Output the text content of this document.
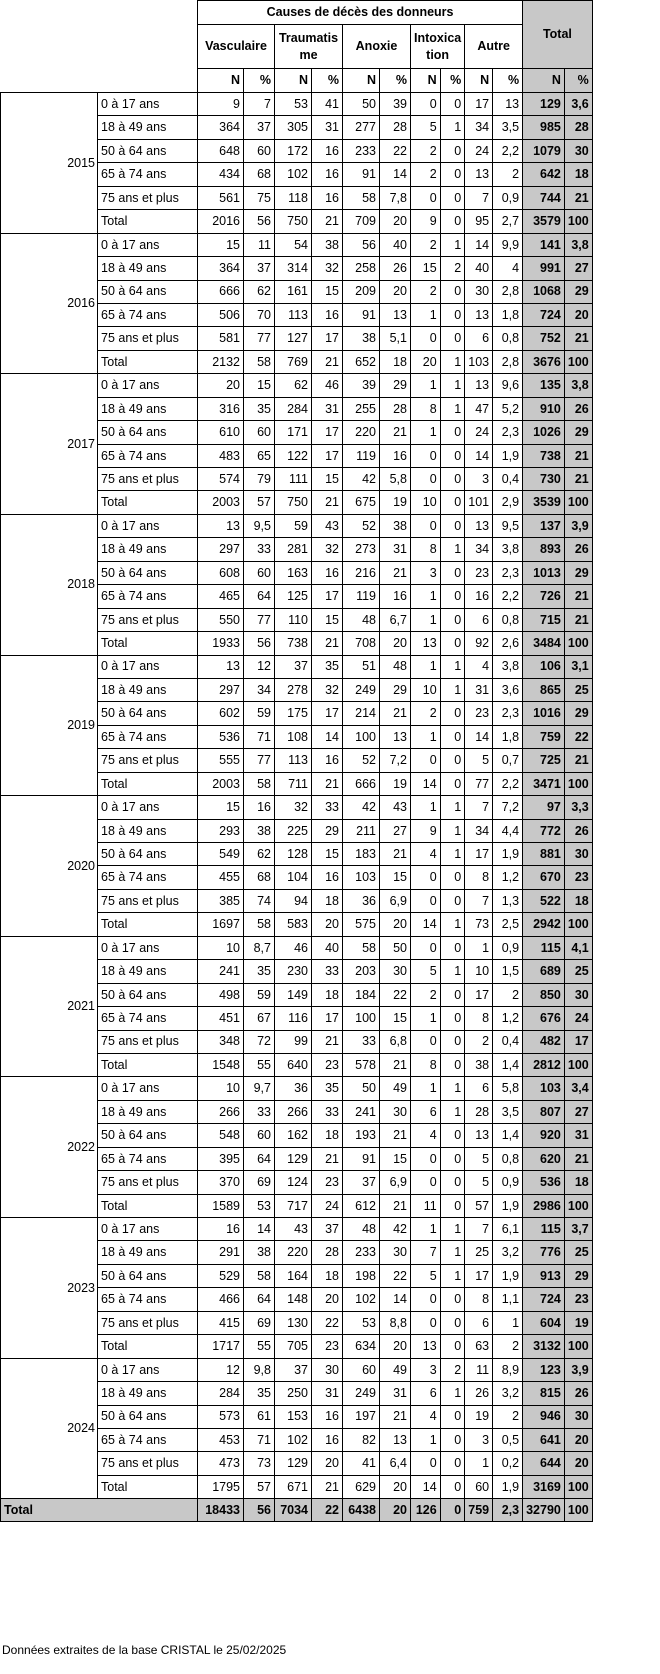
		Causes de décès des donneurs										Total	
		Vasculaire		Traumatis me		Anoxie		Intoxica tion		Autre			
		N	%	N	%	N	%	N	%	N	%	N	%
2015	0 à 17 ans	9	7	53	41	50	39	0	0	17	13	129	3,6
	18 à 49 ans	364	37	305	31	277	28	5	1	34	3,5	985	28
	50 à 64 ans	648	60	172	16	233	22	2	0	24	2,2	1079	30
	65 à 74 ans	434	68	102	16	91	14	2	0	13	2	642	18
	75 ans et plus	561	75	118	16	58	7,8	0	0	7	0,9	744	21
	Total	2016	56	750	21	709	20	9	0	95	2,7	3579	100
2016	0 à 17 ans	15	11	54	38	56	40	2	1	14	9,9	141	3,8
	18 à 49 ans	364	37	314	32	258	26	15	2	40	4	991	27
	50 à 64 ans	666	62	161	15	209	20	2	0	30	2,8	1068	29
	65 à 74 ans	506	70	113	16	91	13	1	0	13	1,8	724	20
	75 ans et plus	581	77	127	17	38	5,1	0	0	6	0,8	752	21
	Total	2132	58	769	21	652	18	20	1	103	2,8	3676	100
2017	0 à 17 ans	20	15	62	46	39	29	1	1	13	9,6	135	3,8
	18 à 49 ans	316	35	284	31	255	28	8	1	47	5,2	910	26
	50 à 64 ans	610	60	171	17	220	21	1	0	24	2,3	1026	29
	65 à 74 ans	483	65	122	17	119	16	0	0	14	1,9	738	21
	75 ans et plus	574	79	111	15	42	5,8	0	0	3	0,4	730	21
	Total	2003	57	750	21	675	19	10	0	101	2,9	3539	100
2018	0 à 17 ans	13	9,5	59	43	52	38	0	0	13	9,5	137	3,9
	18 à 49 ans	297	33	281	32	273	31	8	1	34	3,8	893	26
	50 à 64 ans	608	60	163	16	216	21	3	0	23	2,3	1013	29
	65 à 74 ans	465	64	125	17	119	16	1	0	16	2,2	726	21
	75 ans et plus	550	77	110	15	48	6,7	1	0	6	0,8	715	21
	Total	1933	56	738	21	708	20	13	0	92	2,6	3484	100
2019	0 à 17 ans	13	12	37	35	51	48	1	1	4	3,8	106	3,1
	18 à 49 ans	297	34	278	32	249	29	10	1	31	3,6	865	25
	50 à 64 ans	602	59	175	17	214	21	2	0	23	2,3	1016	29
	65 à 74 ans	536	71	108	14	100	13	1	0	14	1,8	759	22
	75 ans et plus	555	77	113	16	52	7,2	0	0	5	0,7	725	21
	Total	2003	58	711	21	666	19	14	0	77	2,2	3471	100
2020	0 à 17 ans	15	16	32	33	42	43	1	1	7	7,2	97	3,3
	18 à 49 ans	293	38	225	29	211	27	9	1	34	4,4	772	26
	50 à 64 ans	549	62	128	15	183	21	4	1	17	1,9	881	30
	65 à 74 ans	455	68	104	16	103	15	0	0	8	1,2	670	23
	75 ans et plus	385	74	94	18	36	6,9	0	0	7	1,3	522	18
	Total	1697	58	583	20	575	20	14	1	73	2,5	2942	100
2021	0 à 17 ans	10	8,7	46	40	58	50	0	0	1	0,9	115	4,1
	18 à 49 ans	241	35	230	33	203	30	5	1	10	1,5	689	25
	50 à 64 ans	498	59	149	18	184	22	2	0	17	2	850	30
	65 à 74 ans	451	67	116	17	100	15	1	0	8	1,2	676	24
	75 ans et plus	348	72	99	21	33	6,8	0	0	2	0,4	482	17
	Total	1548	55	640	23	578	21	8	0	38	1,4	2812	100
2022	0 à 17 ans	10	9,7	36	35	50	49	1	1	6	5,8	103	3,4
	18 à 49 ans	266	33	266	33	241	30	6	1	28	3,5	807	27
	50 à 64 ans	548	60	162	18	193	21	4	0	13	1,4	920	31
	65 à 74 ans	395	64	129	21	91	15	0	0	5	0,8	620	21
	75 ans et plus	370	69	124	23	37	6,9	0	0	5	0,9	536	18
	Total	1589	53	717	24	612	21	11	0	57	1,9	2986	100
2023	0 à 17 ans	16	14	43	37	48	42	1	1	7	6,1	115	3,7
	18 à 49 ans	291	38	220	28	233	30	7	1	25	3,2	776	25
	50 à 64 ans	529	58	164	18	198	22	5	1	17	1,9	913	29
	65 à 74 ans	466	64	148	20	102	14	0	0	8	1,1	724	23
	75 ans et plus	415	69	130	22	53	8,8	0	0	6	1	604	19
	Total	1717	55	705	23	634	20	13	0	63	2	3132	100
2024	0 à 17 ans	12	9,8	37	30	60	49	3	2	11	8,9	123	3,9
	18 à 49 ans	284	35	250	31	249	31	6	1	26	3,2	815	26
	50 à 64 ans	573	61	153	16	197	21	4	0	19	2	946	30
	65 à 74 ans	453	71	102	16	82	13	1	0	3	0,5	641	20
	75 ans et plus	473	73	129	20	41	6,4	0	0	1	0,2	644	20
	Total	1795	57	671	21	629	20	14	0	60	1,9	3169	100
Total		18433	56	7034	22	6438	20	126	0	759	2,3	32790	100
Données extraites de la base CRISTAL le 25/02/2025
